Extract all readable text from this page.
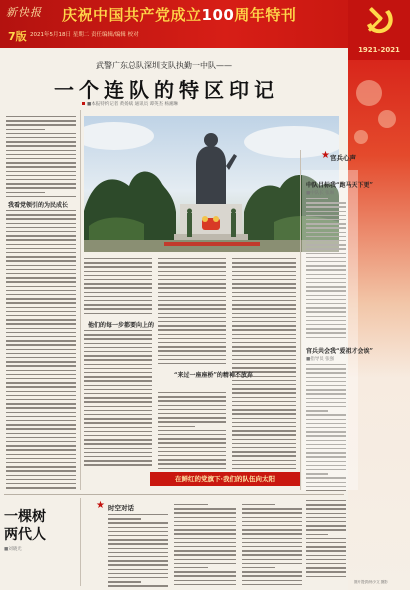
新快报 庆祝中国共产党成立100周年特刊
7版 2021年5月18日 星期二 责任编辑/编辑 校对
1921-2021
武警广东总队深圳支队执勤一中队——
一个连队的特区印记
■本报特约记者 黄扬斌 通讯员 谭英杰 杨湘琳
我看党领引的为民成长
他们的每一步都要向上的
“来过一座座桥”的精神不放弃
在鲜红的党旗下·我们的队伍向太阳
★ 官兵心声
中队目标我“跑马天下更”
■中队长 张琳
官兵共会我“爱祖才会诶”
■指导员 张强
一棵树 两代人
■刘晓光
★ 时空对话
图片提供/杨少文 摄影
